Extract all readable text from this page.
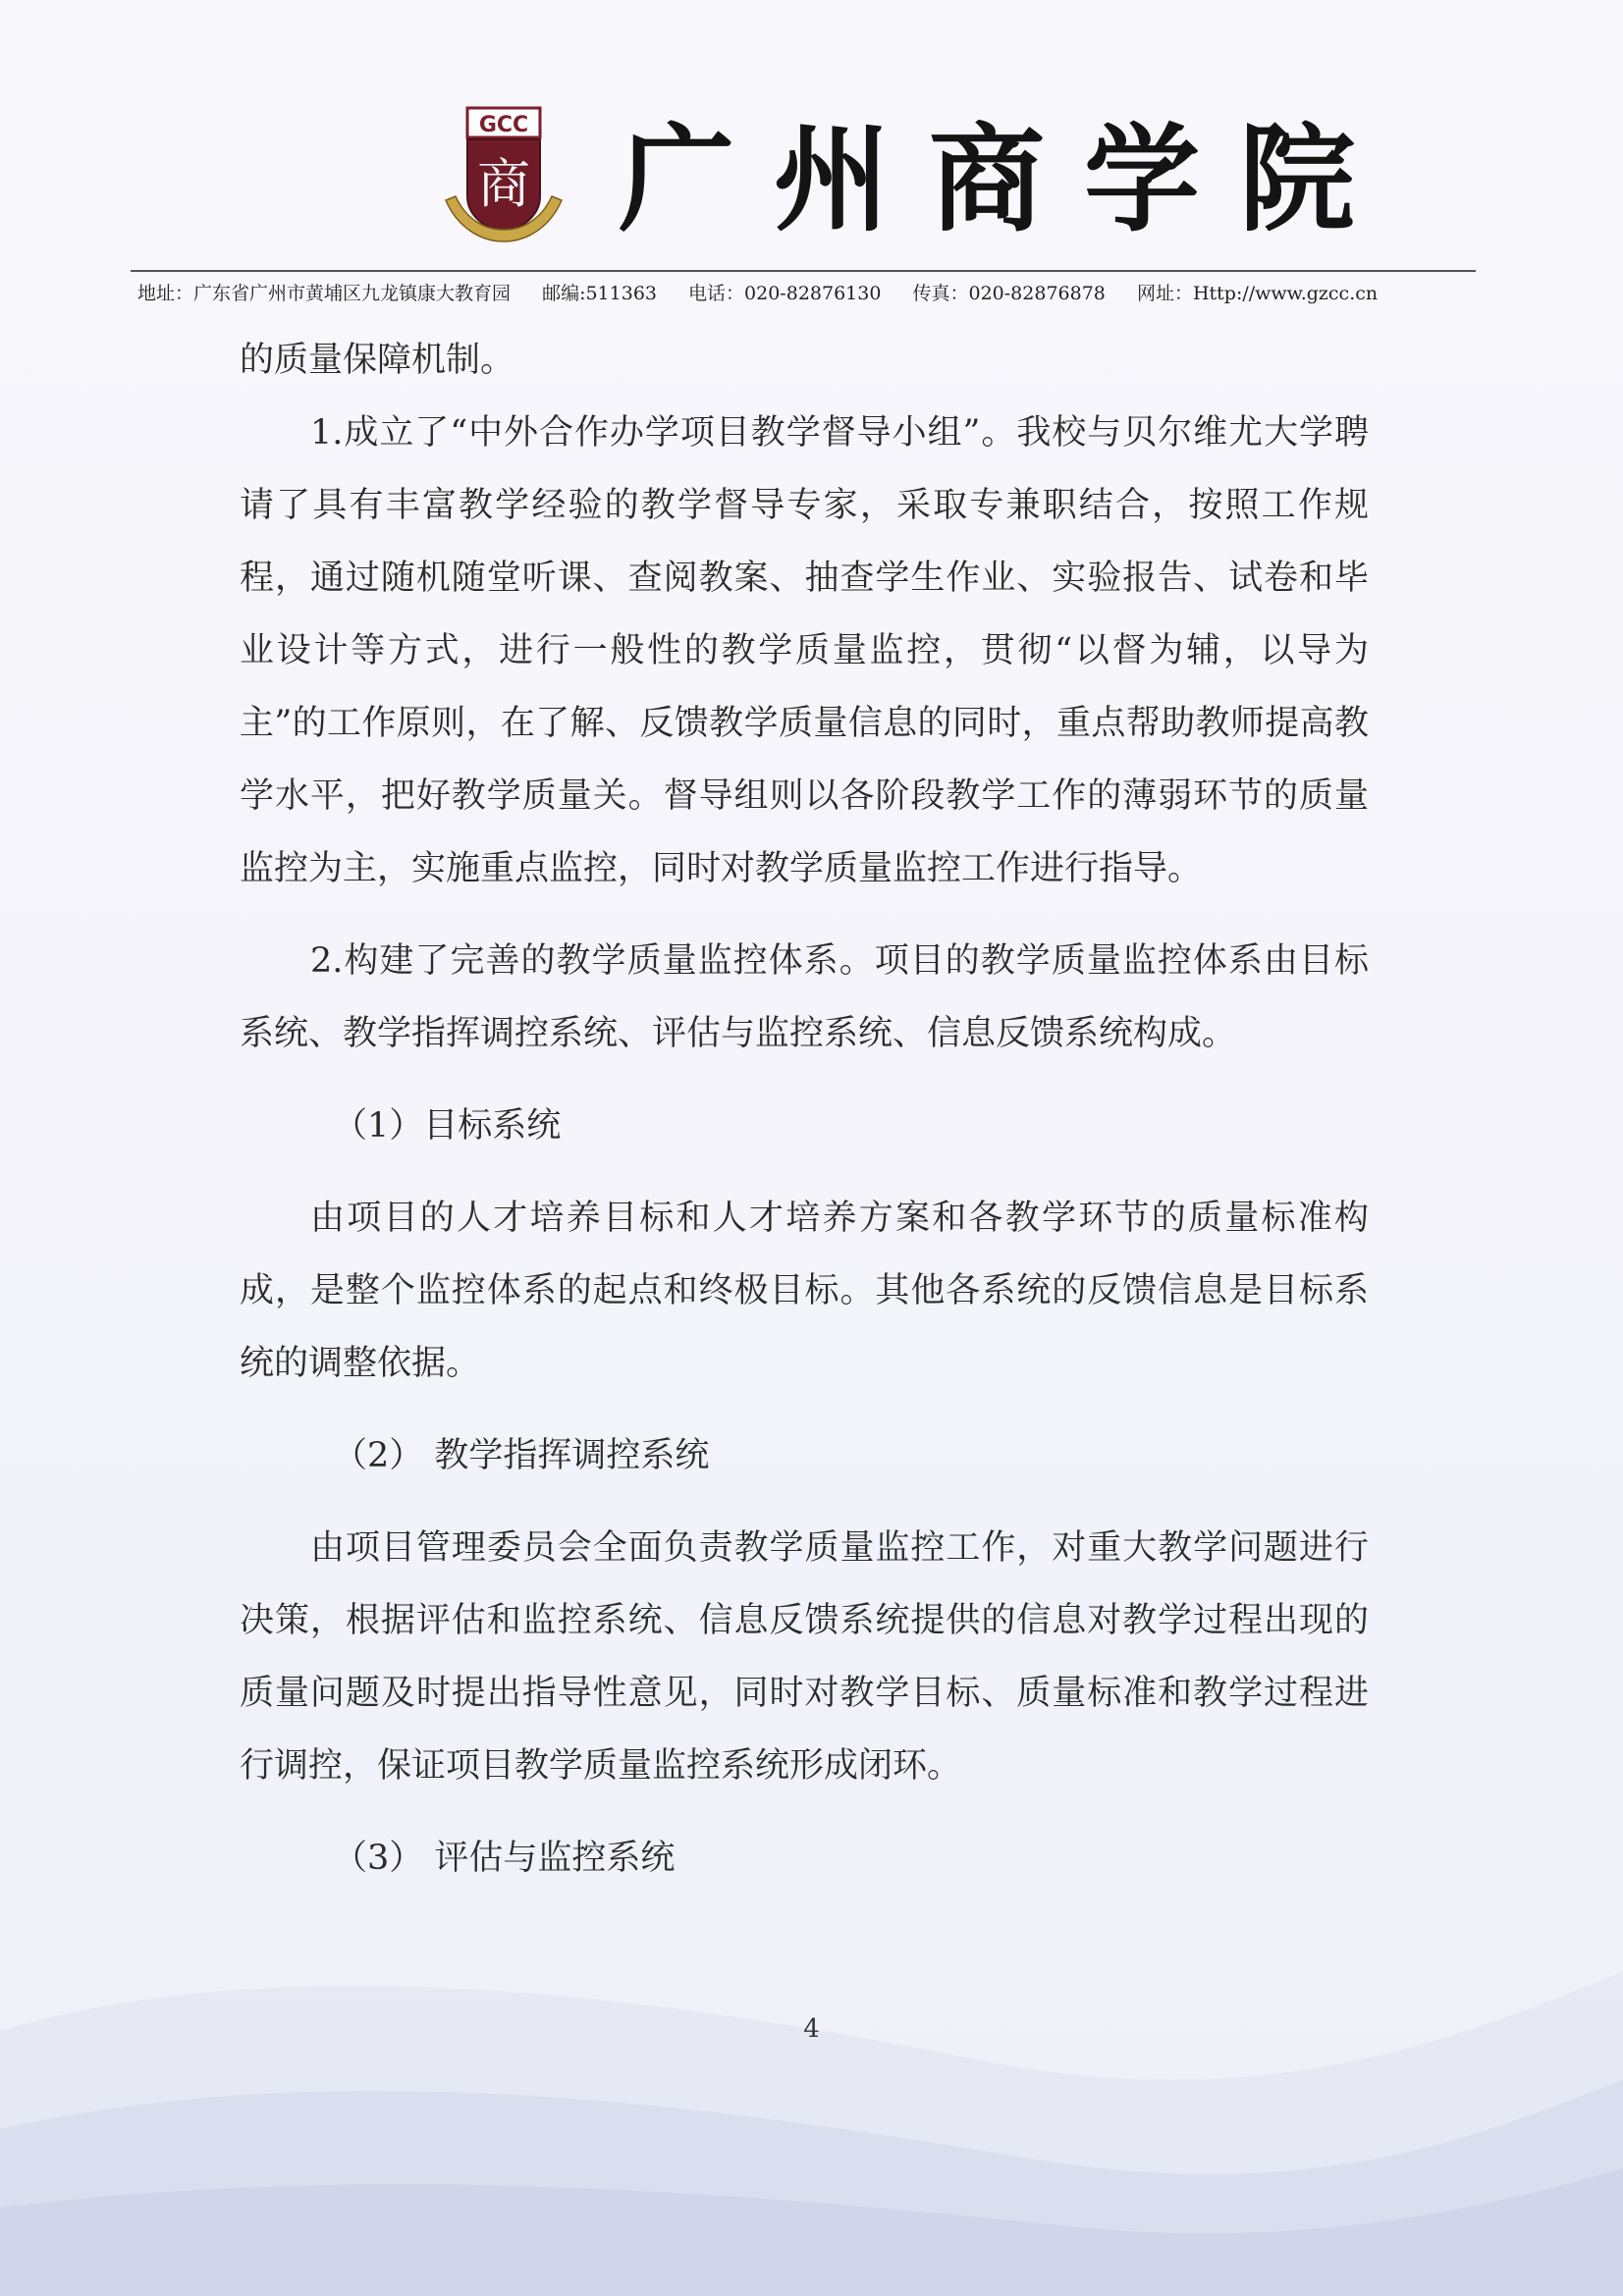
GCC
商 广州商学院
地址：广东省广州市黄埔区九龙镇康大教育园 邮编:511363 电话：020-82876130 传真：020-82876878 网址：Http://www.gzcc.cn

的质量保障机制。

1.成立了“中外合作办学项目教学督导小组”。我校与贝尔维尤大学聘请了具有丰富教学经验的教学督导专家，采取专兼职结合，按照工作规程，通过随机随堂听课、查阅教案、抽查学生作业、实验报告、试卷和毕业设计等方式，进行一般性的教学质量监控，贯彻“以督为辅，以导为主”的工作原则，在了解、反馈教学质量信息的同时，重点帮助教师提高教学水平，把好教学质量关。督导组则以各阶段教学工作的薄弱环节的质量监控为主，实施重点监控，同时对教学质量监控工作进行指导。

2.构建了完善的教学质量监控体系。项目的教学质量监控体系由目标系统、教学指挥调控系统、评估与监控系统、信息反馈系统构成。

（1）目标系统

由项目的人才培养目标和人才培养方案和各教学环节的质量标准构成，是整个监控体系的起点和终极目标。其他各系统的反馈信息是目标系统的调整依据。

（2） 教学指挥调控系统

由项目管理委员会全面负责教学质量监控工作，对重大教学问题进行决策，根据评估和监控系统、信息反馈系统提供的信息对教学过程出现的质量问题及时提出指导性意见，同时对教学目标、质量标准和教学过程进行调控，保证项目教学质量监控系统形成闭环。

（3） 评估与监控系统

4
